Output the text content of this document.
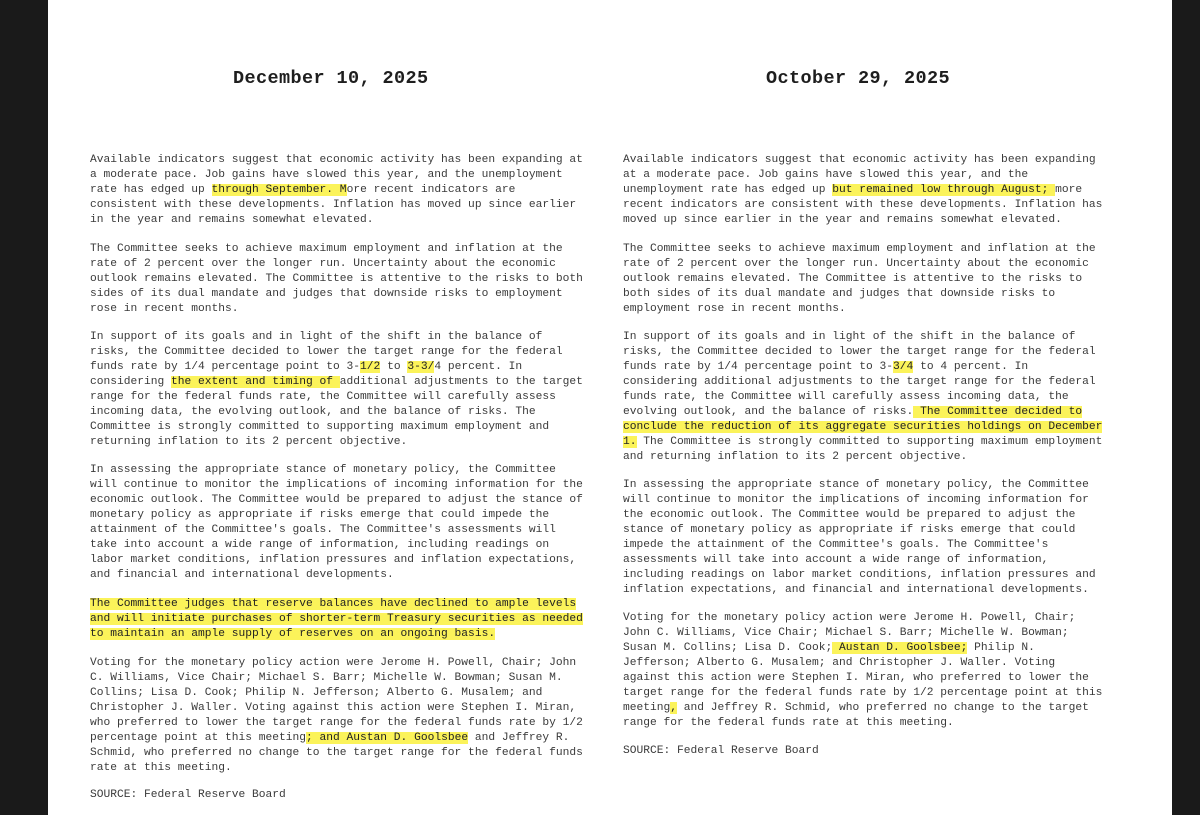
December 10, 2025
Available indicators suggest that economic activity has been expanding at
a moderate pace. Job gains have slowed this year, and the unemployment
rate has edged up through September. More recent indicators are
consistent with these developments. Inflation has moved up since earlier
in the year and remains somewhat elevated.
The Committee seeks to achieve maximum employment and inflation at the
rate of 2 percent over the longer run. Uncertainty about the economic
outlook remains elevated. The Committee is attentive to the risks to both
sides of its dual mandate and judges that downside risks to employment
rose in recent months.
In support of its goals and in light of the shift in the balance of
risks, the Committee decided to lower the target range for the federal
funds rate by 1/4 percentage point to 3-1/2 to 3-3/4 percent. In
considering the extent and timing of additional adjustments to the target
range for the federal funds rate, the Committee will carefully assess
incoming data, the evolving outlook, and the balance of risks. The
Committee is strongly committed to supporting maximum employment and
returning inflation to its 2 percent objective.
In assessing the appropriate stance of monetary policy, the Committee
will continue to monitor the implications of incoming information for the
economic outlook. The Committee would be prepared to adjust the stance of
monetary policy as appropriate if risks emerge that could impede the
attainment of the Committee's goals. The Committee's assessments will
take into account a wide range of information, including readings on
labor market conditions, inflation pressures and inflation expectations,
and financial and international developments.
The Committee judges that reserve balances have declined to ample levels
and will initiate purchases of shorter-term Treasury securities as needed
to maintain an ample supply of reserves on an ongoing basis.
Voting for the monetary policy action were Jerome H. Powell, Chair; John
C. Williams, Vice Chair; Michael S. Barr; Michelle W. Bowman; Susan M.
Collins; Lisa D. Cook; Philip N. Jefferson; Alberto G. Musalem; and
Christopher J. Waller. Voting against this action were Stephen I. Miran,
who preferred to lower the target range for the federal funds rate by 1/2
percentage point at this meeting; and Austan D. Goolsbee and Jeffrey R.
Schmid, who preferred no change to the target range for the federal funds
rate at this meeting.
SOURCE: Federal Reserve Board
October 29, 2025
Available indicators suggest that economic activity has been expanding
at a moderate pace. Job gains have slowed this year, and the
unemployment rate has edged up but remained low through August; more
recent indicators are consistent with these developments. Inflation has
moved up since earlier in the year and remains somewhat elevated.
The Committee seeks to achieve maximum employment and inflation at the
rate of 2 percent over the longer run. Uncertainty about the economic
outlook remains elevated. The Committee is attentive to the risks to
both sides of its dual mandate and judges that downside risks to
employment rose in recent months.
In support of its goals and in light of the shift in the balance of
risks, the Committee decided to lower the target range for the federal
funds rate by 1/4 percentage point to 3-3/4 to 4 percent. In
considering additional adjustments to the target range for the federal
funds rate, the Committee will carefully assess incoming data, the
evolving outlook, and the balance of risks. The Committee decided to
conclude the reduction of its aggregate securities holdings on December
1. The Committee is strongly committed to supporting maximum employment
and returning inflation to its 2 percent objective.
In assessing the appropriate stance of monetary policy, the Committee
will continue to monitor the implications of incoming information for
the economic outlook. The Committee would be prepared to adjust the
stance of monetary policy as appropriate if risks emerge that could
impede the attainment of the Committee's goals. The Committee's
assessments will take into account a wide range of information,
including readings on labor market conditions, inflation pressures and
inflation expectations, and financial and international developments.
Voting for the monetary policy action were Jerome H. Powell, Chair;
John C. Williams, Vice Chair; Michael S. Barr; Michelle W. Bowman;
Susan M. Collins; Lisa D. Cook; Austan D. Goolsbee; Philip N.
Jefferson; Alberto G. Musalem; and Christopher J. Waller. Voting
against this action were Stephen I. Miran, who preferred to lower the
target range for the federal funds rate by 1/2 percentage point at this
meeting, and Jeffrey R. Schmid, who preferred no change to the target
range for the federal funds rate at this meeting.
SOURCE: Federal Reserve Board
